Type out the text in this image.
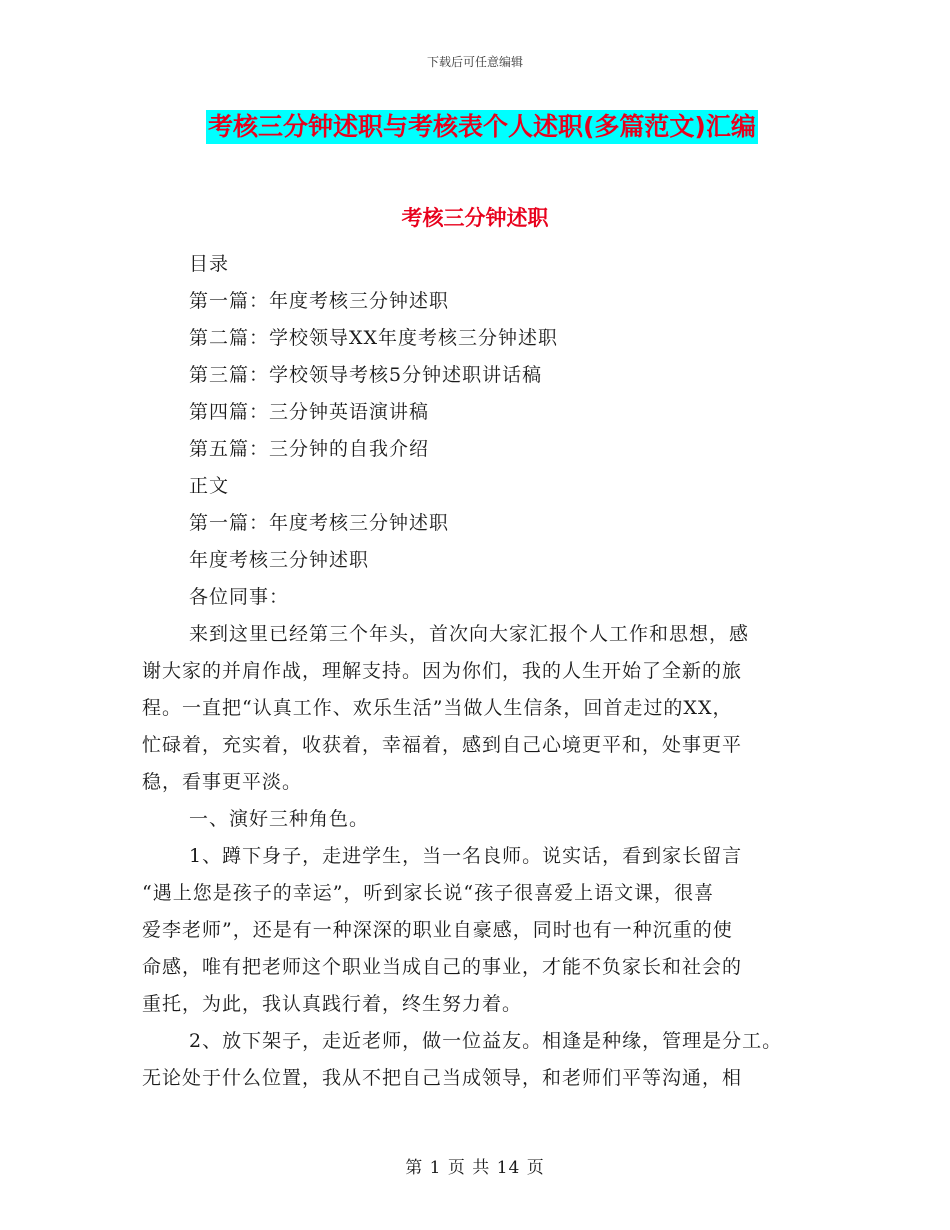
下载后可任意编辑
考核三分钟述职与考核表个人述职(多篇范文)汇编
考核三分钟述职
目录
第一篇：年度考核三分钟述职
第二篇：学校领导XX年度考核三分钟述职
第三篇：学校领导考核5分钟述职讲话稿
第四篇：三分钟英语演讲稿
第五篇：三分钟的自我介绍
正文
第一篇：年度考核三分钟述职
年度考核三分钟述职
各位同事：
来到这里已经第三个年头，首次向大家汇报个人工作和思想，感
谢大家的并肩作战，理解支持。因为你们，我的人生开始了全新的旅
程。一直把“认真工作、欢乐生活”当做人生信条，回首走过的XX，
忙碌着，充实着，收获着，幸福着，感到自己心境更平和，处事更平
稳，看事更平淡。
一、演好三种角色。
1、蹲下身子，走进学生，当一名良师。说实话，看到家长留言
“遇上您是孩子的幸运”，听到家长说“孩子很喜爱上语文课，很喜
爱李老师”，还是有一种深深的职业自豪感，同时也有一种沉重的使
命感，唯有把老师这个职业当成自己的事业，才能不负家长和社会的
重托，为此，我认真践行着，终生努力着。
2、放下架子，走近老师，做一位益友。相逢是种缘，管理是分工。
无论处于什么位置，我从不把自己当成领导，和老师们平等沟通，相
第 1 页 共 14 页
